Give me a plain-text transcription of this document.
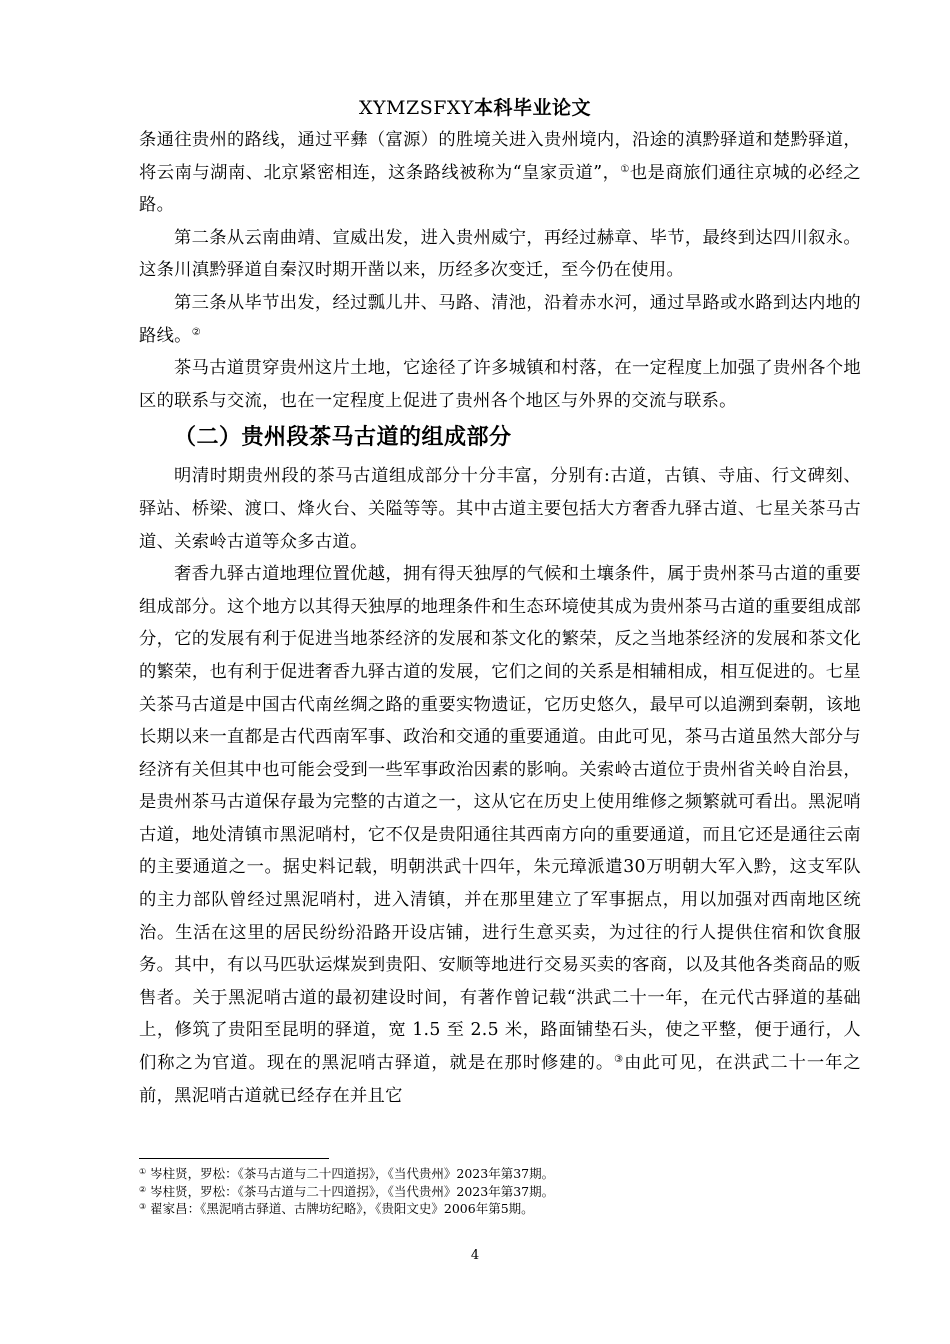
XYMZSFXY本科毕业论文

条通往贵州的路线，通过平彝（富源）的胜境关进入贵州境内，沿途的滇黔驿道和楚黔驿道，将云南与湖南、北京紧密相连，这条路线被称为“皇家贡道”，①也是商旅们通往京城的必经之路。

第二条从云南曲靖、宣威出发，进入贵州威宁，再经过赫章、毕节，最终到达四川叙永。这条川滇黔驿道自秦汉时期开凿以来，历经多次变迁，至今仍在使用。

第三条从毕节出发，经过瓢儿井、马路、清池，沿着赤水河，通过旱路或水路到达内地的路线。②

茶马古道贯穿贵州这片土地，它途径了许多城镇和村落，在一定程度上加强了贵州各个地区的联系与交流，也在一定程度上促进了贵州各个地区与外界的交流与联系。

（二）贵州段茶马古道的组成部分

明清时期贵州段的茶马古道组成部分十分丰富，分别有:古道，古镇、寺庙、行文碑刻、驿站、桥梁、渡口、烽火台、关隘等等。其中古道主要包括大方奢香九驿古道、七星关茶马古道、关索岭古道等众多古道。

奢香九驿古道地理位置优越，拥有得天独厚的气候和土壤条件，属于贵州茶马古道的重要组成部分。这个地方以其得天独厚的地理条件和生态环境使其成为贵州茶马古道的重要组成部分，它的发展有利于促进当地茶经济的发展和茶文化的繁荣，反之当地茶经济的发展和茶文化的繁荣，也有利于促进奢香九驿古道的发展，它们之间的关系是相辅相成，相互促进的。七星关茶马古道是中国古代南丝绸之路的重要实物遗证，它历史悠久，最早可以追溯到秦朝，该地长期以来一直都是古代西南军事、政治和交通的重要通道。由此可见，茶马古道虽然大部分与经济有关但其中也可能会受到一些军事政治因素的影响。关索岭古道位于贵州省关岭自治县，是贵州茶马古道保存最为完整的古道之一，这从它在历史上使用维修之频繁就可看出。黑泥哨古道，地处清镇市黑泥哨村，它不仅是贵阳通往其西南方向的重要通道，而且它还是通往云南的主要通道之一。据史料记载，明朝洪武十四年，朱元璋派遣30万明朝大军入黔，这支军队的主力部队曾经过黑泥哨村，进入清镇，并在那里建立了军事据点，用以加强对西南地区统治。生活在这里的居民纷纷沿路开设店铺，进行生意买卖，为过往的行人提供住宿和饮食服务。其中，有以马匹驮运煤炭到贵阳、安顺等地进行交易买卖的客商，以及其他各类商品的贩售者。关于黑泥哨古道的最初建设时间，有著作曾记载“洪武二十一年，在元代古驿道的基础上，修筑了贵阳至昆明的驿道，宽 1.5 至 2.5 米，路面铺垫石头，使之平整，便于通行，人们称之为官道。现在的黑泥哨古驿道，就是在那时修建的。③由此可见，在洪武二十一年之前，黑泥哨古道就已经存在并且它

① 岑柱贤，罗松：《茶马古道与二十四道拐》，《当代贵州》2023年第37期。
② 岑柱贤，罗松：《茶马古道与二十四道拐》，《当代贵州》2023年第37期。
③ 翟家昌：《黑泥哨古驿道、古牌坊纪略》，《贵阳文史》2006年第5期。
4
